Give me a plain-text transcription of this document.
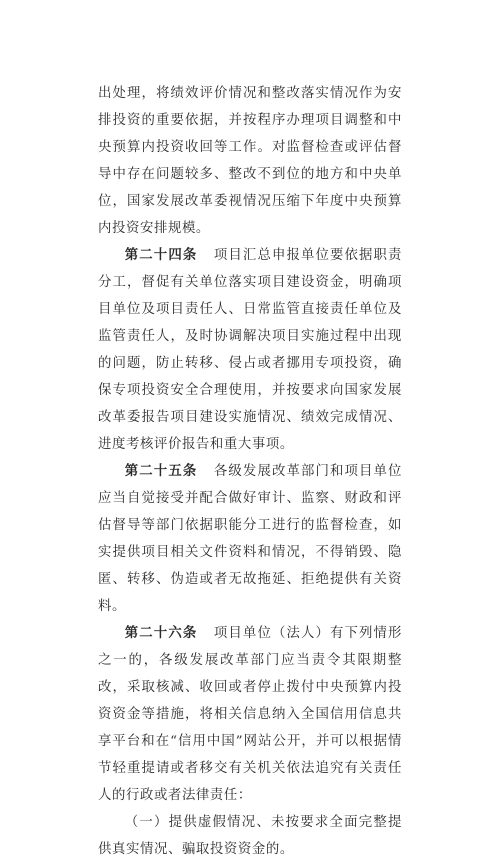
出处理，将绩效评价情况和整改落实情况作为安排投资的重要依据，并按程序办理项目调整和中央预算内投资收回等工作。对监督检查或评估督导中存在问题较多、整改不到位的地方和中央单位，国家发展改革委视情况压缩下年度中央预算内投资安排规模。

第二十四条 项目汇总申报单位要依据职责分工，督促有关单位落实项目建设资金，明确项目单位及项目责任人、日常监管直接责任单位及监管责任人，及时协调解决项目实施过程中出现的问题，防止转移、侵占或者挪用专项投资，确保专项投资安全合理使用，并按要求向国家发展改革委报告项目建设实施情况、绩效完成情况、进度考核评价报告和重大事项。

第二十五条 各级发展改革部门和项目单位应当自觉接受并配合做好审计、监察、财政和评估督导等部门依据职能分工进行的监督检查，如实提供项目相关文件资料和情况，不得销毁、隐匿、转移、伪造或者无故拖延、拒绝提供有关资料。

第二十六条 项目单位（法人）有下列情形之一的，各级发展改革部门应当责令其限期整改，采取核减、收回或者停止拨付中央预算内投资资金等措施，将相关信息纳入全国信用信息共享平台和在“信用中国”网站公开，并可以根据情节轻重提请或者移交有关机关依法追究有关责任人的行政或者法律责任：

（一）提供虚假情况、未按要求全面完整提供真实情况、骗取投资资金的。
